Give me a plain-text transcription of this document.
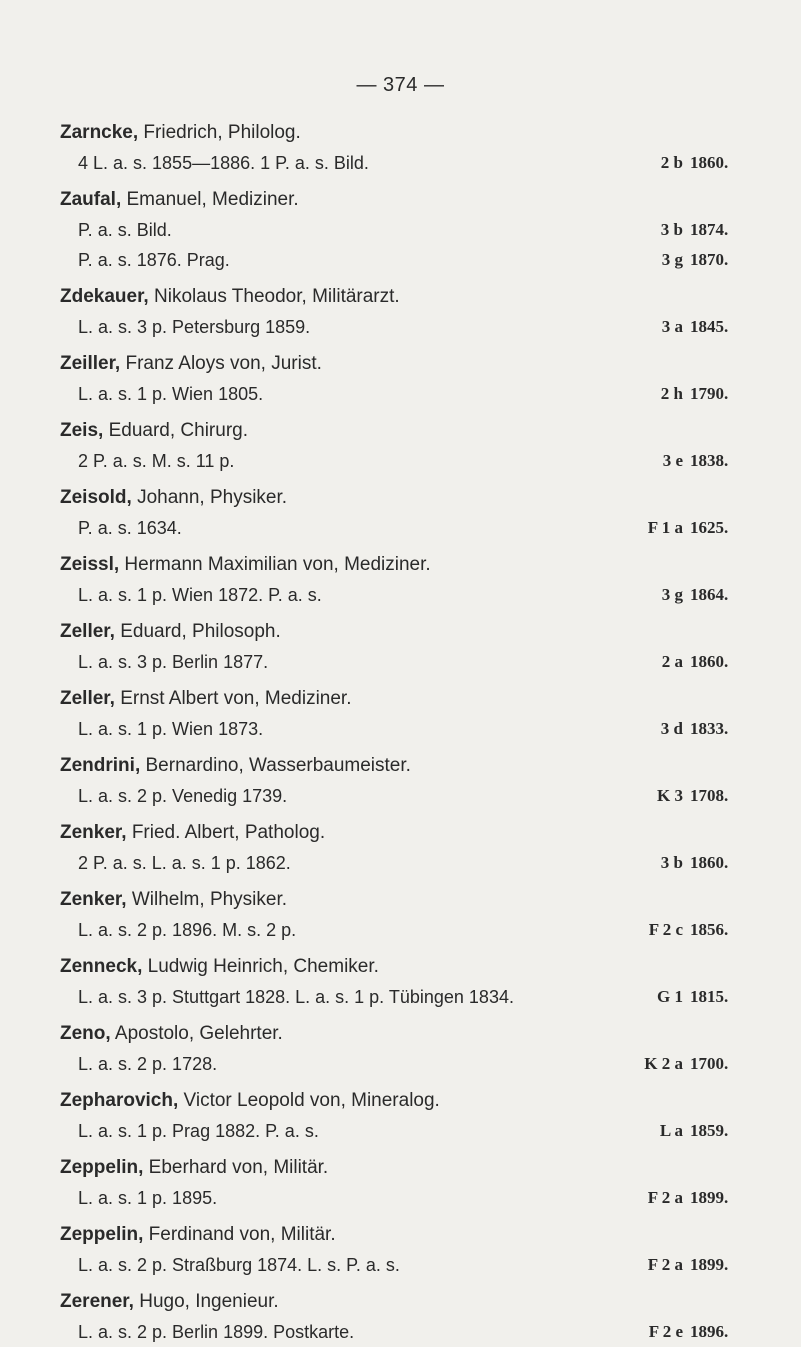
— 374 —
Zarncke, Friedrich, Philolog.
4 L. a. s. 1855—1886. 1 P. a. s. Bild.	2 b 1860.
Zaufal, Emanuel, Mediziner.
P. a. s. Bild.	3 b 1874.
P. a. s. 1876. Prag.	3 g 1870.
Zdekauer, Nikolaus Theodor, Militärarzt.
L. a. s. 3 p. Petersburg 1859.	3 a 1845.
Zeiller, Franz Aloys von, Jurist.
L. a. s. 1 p. Wien 1805.	2 h 1790.
Zeis, Eduard, Chirurg.
2 P. a. s. M. s. 11 p.	3 e 1838.
Zeisold, Johann, Physiker.
P. a. s. 1634.	F 1 a 1625.
Zeissl, Hermann Maximilian von, Mediziner.
L. a. s. 1 p. Wien 1872. P. a. s.	3 g 1864.
Zeller, Eduard, Philosoph.
L. a. s. 3 p. Berlin 1877.	2 a 1860.
Zeller, Ernst Albert von, Mediziner.
L. a. s. 1 p. Wien 1873.	3 d 1833.
Zendrini, Bernardino, Wasserbaumeister.
L. a. s. 2 p. Venedig 1739.	K 3 1708.
Zenker, Fried. Albert, Patholog.
2 P. a. s. L. a. s. 1 p. 1862.	3 b 1860.
Zenker, Wilhelm, Physiker.
L. a. s. 2 p. 1896. M. s. 2 p.	F 2 c 1856.
Zenneck, Ludwig Heinrich, Chemiker.
L. a. s. 3 p. Stuttgart 1828. L. a. s. 1 p. Tübingen 1834.	G 1 1815.
Zeno, Apostolo, Gelehrter.
L. a. s. 2 p. 1728.	K 2 a 1700.
Zepharovich, Victor Leopold von, Mineralog.
L. a. s. 1 p. Prag 1882. P. a. s.	L a 1859.
Zeppelin, Eberhard von, Militär.
L. a. s. 1 p. 1895.	F 2 a 1899.
Zeppelin, Ferdinand von, Militär.
L. a. s. 2 p. Straßburg 1874. L. s. P. a. s.	F 2 a 1899.
Zerener, Hugo, Ingenieur.
L. a. s. 2 p. Berlin 1899. Postkarte.	F 2 e 1896.
